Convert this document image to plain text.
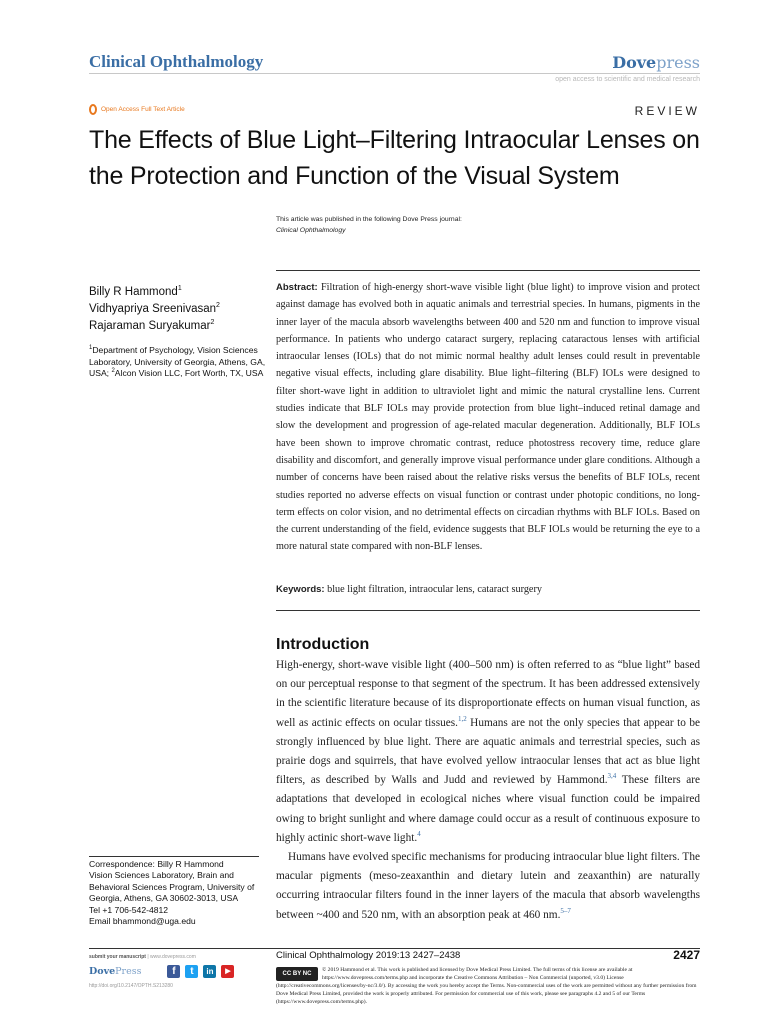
Clinical Ophthalmology	Dovepress
open access to scientific and medical research
Open Access Full Text Article	REVIEW
The Effects of Blue Light–Filtering Intraocular Lenses on the Protection and Function of the Visual System
This article was published in the following Dove Press journal:
Clinical Ophthalmology
Billy R Hammond$^1$
Vidhyapriya Sreenivasan$^2$
Rajaraman Suryakumar$^2$
$^1$Department of Psychology, Vision Sciences Laboratory, University of Georgia, Athens, GA, USA; $^2$Alcon Vision LLC, Fort Worth, TX, USA
Abstract: Filtration of high-energy short-wave visible light (blue light) to improve vision and protect against damage has evolved both in aquatic animals and terrestrial species. In humans, pigments in the inner layer of the macula absorb wavelengths between 400 and 520 nm and function to improve visual performance. In patients who undergo cataract surgery, replacing cataractous lenses with artificial intraocular lenses (IOLs) that do not mimic normal healthy adult lenses could result in preventable negative visual effects, including glare disability. Blue light–filtering (BLF) IOLs were designed to filter short-wave light in addition to ultraviolet light and mimic the natural crystalline lens. Current studies indicate that BLF IOLs may provide protection from blue light–induced retinal damage and slow the development and progression of age-related macular degeneration. Additionally, BLF IOLs have been shown to improve chromatic contrast, reduce photostress recovery time, reduce glare disability and discomfort, and generally improve visual performance under glare conditions. Although a number of concerns have been raised about the relative risks versus the benefits of BLF IOLs, recent studies reported no adverse effects on visual function or contrast under photopic conditions, no long-term effects on color vision, and no detrimental effects on circadian rhythms with BLF IOLs. Based on the current understanding of the field, evidence suggests that BLF IOLs would be returning the eye to a more natural state compared with non-BLF lenses.
Keywords: blue light filtration, intraocular lens, cataract surgery
Introduction

High-energy, short-wave visible light (400–500 nm) is often referred to as “blue light” based on our perceptual response to that segment of the spectrum. It has been addressed extensively in the scientific literature because of its disproportionate effects on human visual function, as well as actinic effects on ocular tissues.$^{1,2}$ Humans are not the only species that appear to be strongly influenced by blue light. There are aquatic animals and terrestrial species, such as prairie dogs and squirrels, that have evolved yellow intraocular lenses that act as blue light filters, as described by Walls and Judd and reviewed by Hammond.$^{3,4}$ These filters are adaptations that developed in ecological niches where visual function could be impaired owing to bright sunlight and where damage could occur as a result of continuous exposure to highly actinic short-wave light.$^4$

Humans have evolved specific mechanisms for producing intraocular blue light filters. The macular pigments (meso-zeaxanthin and dietary lutein and zeaxanthin) are naturally occurring intraocular filters found in the inner layers of the macula that absorb wavelengths between ~400 and 520 nm, with an absorption peak at 460 nm.$^{5-7}$

Correspondence: Billy R Hammond
Vision Sciences Laboratory, Brain and Behavioral Sciences Program, University of Georgia, Athens, GA 30602-3013, USA
Tel +1 706-542-4812
Email bhammond@uga.edu
submit your manuscript | www.dovepress.com
DovePress	f	t	in	▶
http://doi.org/10.2147/OPTH.S213280
Clinical Ophthalmology 2019:13 2427–2438	2427
CC BY NC
© 2019 Hammond et al. This work is published and licensed by Dove Medical Press Limited. The full terms of this license are available at https://www.dovepress.com/terms.php and incorporate the Creative Commons Attribution – Non Commercial (unported, v3.0) License (http://creativecommons.org/licenses/by-nc/3.0/). By accessing the work you hereby accept the Terms. Non-commercial uses of the work are permitted without any further permission from Dove Medical Press Limited, provided the work is properly attributed. For permission for commercial use of this work, please see paragraphs 4.2 and 5 of our Terms (https://www.dovepress.com/terms.php).
